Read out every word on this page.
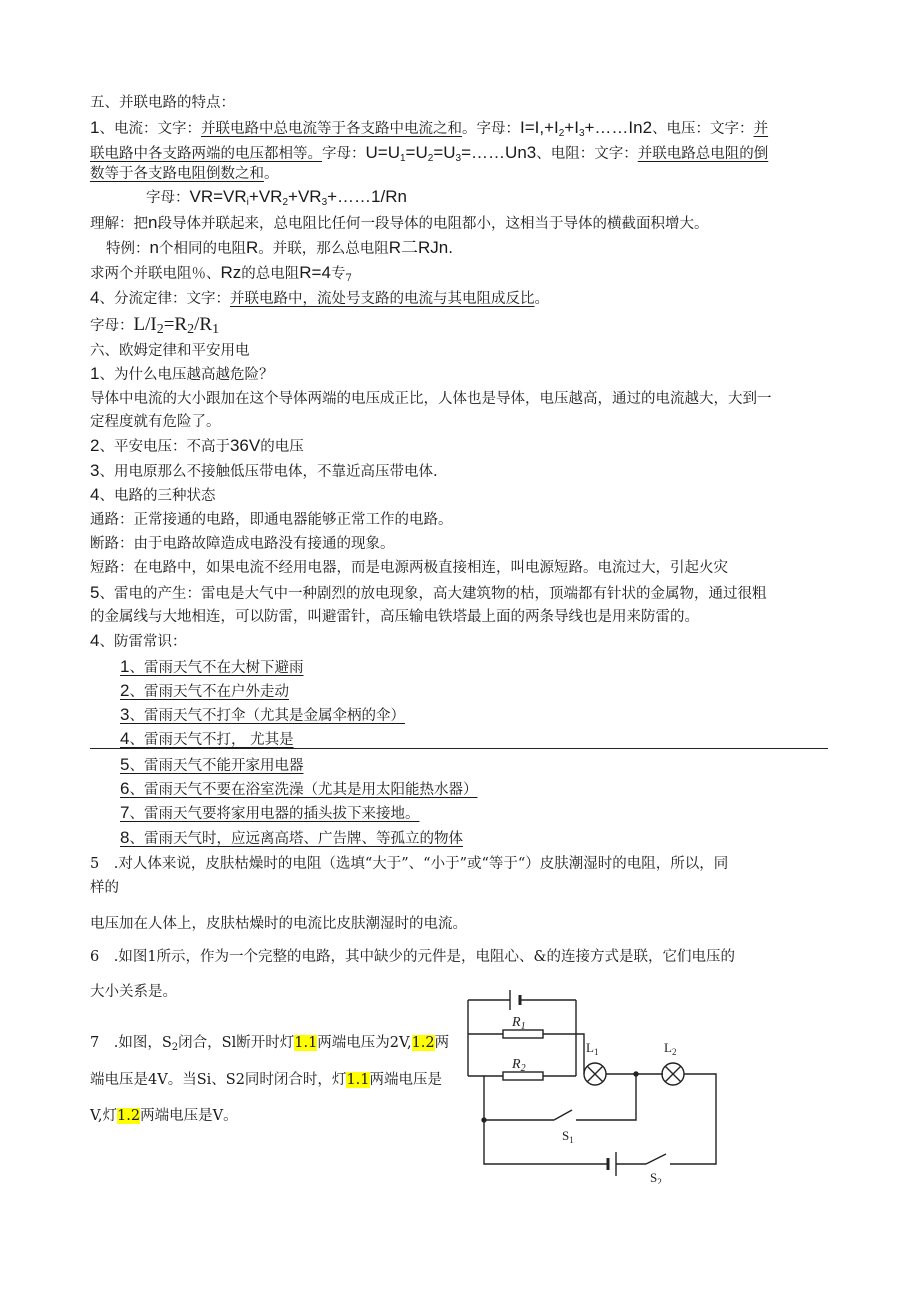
五、并联电路的特点：
1、电流：文字：并联电路中总电流等于各支路中电流之和。字母：$I=I,+I_2+I_3+\dots\dots In2$、电压：文字：并
联电路中各支路两端的电压都相等。字母：$U=U_1=U_2=U_3=\dots\dots Un3$、电阻：文字：并联电路总电阻的倒
数等于各支路电阻倒数之和。
字母：$VR=VR_i+VR_2+VR_3+\dots\dots 1/Rn$
理解：把n段导体并联起来，总电阻比任何一段导体的电阻都小，这相当于导体的横截面积增大。
特例：n个相同的电阻R。并联，那么总电阻R二RJn.
求两个并联电阻％、Rz的总电阻R=4专$_7$
4、分流定律：文字：并联电路中，流处号支路的电流与其电阻成反比。
字母：L/I2=R2/R1
六、欧姆定律和平安用电
1、为什么电压越高越危险？
导体中电流的大小跟加在这个导体两端的电压成正比，人体也是导体，电压越高，通过的电流越大，大到一
定程度就有危险了。
2、平安电压：不高于36V的电压
3、用电原那么不接触低压带电体，不靠近高压带电体.
4、电路的三种状态
通路：正常接通的电路，即通电器能够正常工作的电路。
断路：由于电路故障造成电路没有接通的现象。
短路：在电路中，如果电流不经用电器，而是电源两极直接相连，叫电源短路。电流过大，引起火灾
5、雷电的产生：雷电是大气中一种剧烈的放电现象，高大建筑物的枯，顶端都有针状的金属物，通过很粗
的金属线与大地相连，可以防雷，叫避雷针，高压输电铁塔最上面的两条导线也是用来防雷的。
4、防雷常识：
1、雷雨天气不在大树下避雨
2、雷雨天气不在户外走动
3、雷雨天气不打伞（尤其是金属伞柄的伞）
4、雷雨天气不打， 尤其是
5、雷雨天气不能开家用电器
6、雷雨天气不要在浴室洗澡（尤其是用太阳能热水器）
7、雷雨天气要将家用电器的插头拔下来接地。
8、雷雨天气时，应远离高塔、广告牌、等孤立的物体
5　.对人体来说，皮肤枯燥时的电阻（选填“大于”、“小于”或“等于“）皮肤潮湿时的电阻，所以，同
样的
电压加在人体上，皮肤枯燥时的电流比皮肤潮湿时的电流。
6　.如图1所示，作为一个完整的电路，其中缺少的元件是，电阻心、&的连接方式是联，它们电压的
大小关系是。
7　.如图，$S_2$闭合，Sl断开时灯1.1两端电压为2V,1.2两
端电压是4V。当Si、S2同时闭合时，灯1.1两端电压是
V,灯1.2两端电压是V。
$R_1$
$R_2$
$L_1$	$L_2$
$S_1$
$S_2$
